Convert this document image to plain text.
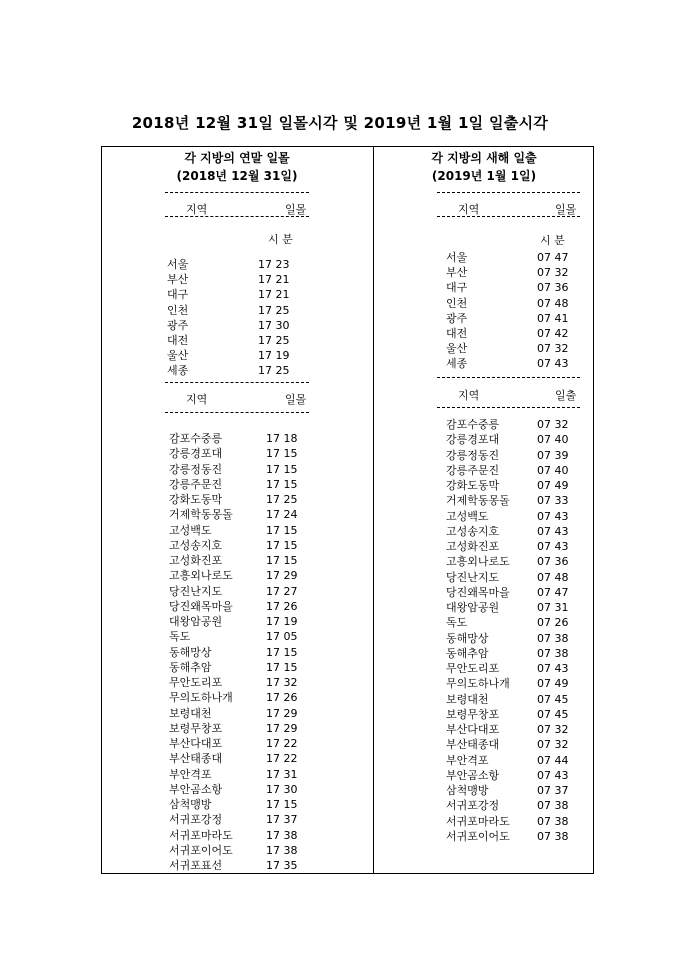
2018년 12월 31일 일몰시각 및 2019년 1월 1일 일출시각
각 지방의 연말 일몰
(2018년 12월 31일)
지역	일몰
시 분
서울	17 23
부산	17 21
대구	17 21
인천	17 25
광주	17 30
대전	17 25
울산	17 19
세종	17 25
지역	일몰
감포수중릉	17 18
강릉경포대	17 15
강릉정동진	17 15
강릉주문진	17 15
강화도동막	17 25
거제학동몽돌	17 24
고성백도	17 15
고성송지호	17 15
고성화진포	17 15
고흥외나로도	17 29
당진난지도	17 27
당진왜목마을	17 26
대왕암공원	17 19
독도	17 05
동해망상	17 15
동해추암	17 15
무안도리포	17 32
무의도하나개	17 26
보령대천	17 29
보령무창포	17 29
부산다대포	17 22
부산태종대	17 22
부안격포	17 31
부안곰소항	17 30
삼척맹방	17 15
서귀포강정	17 37
서귀포마라도	17 38
서귀포이어도	17 38
서귀포표선	17 35
각 지방의 새해 일출
(2019년 1월 1일)
지역	일몰
시 분
서울	07 47
부산	07 32
대구	07 36
인천	07 48
광주	07 41
대전	07 42
울산	07 32
세종	07 43
지역	일출
감포수중릉	07 32
강릉경포대	07 40
강릉정동진	07 39
강릉주문진	07 40
강화도동막	07 49
거제학동몽돌 07 33
고성백도	07 43
고성송지호	07 43
고성화진포	07 43
고흥외나로도 07 36
당진난지도	07 48
당진왜목마을 07 47
대왕암공원	07 31
독도	07 26
동해망상	07 38
동해추암	07 38
무안도리포	07 43
무의도하나개 07 49
보령대천	07 45
보령무창포	07 45
부산다대포	07 32
부산태종대	07 32
부안격포	07 44
부안곰소항	07 43
삼척맹방	07 37
서귀포강정	07 38
서귀포마라도 07 38
서귀포이어도 07 38
